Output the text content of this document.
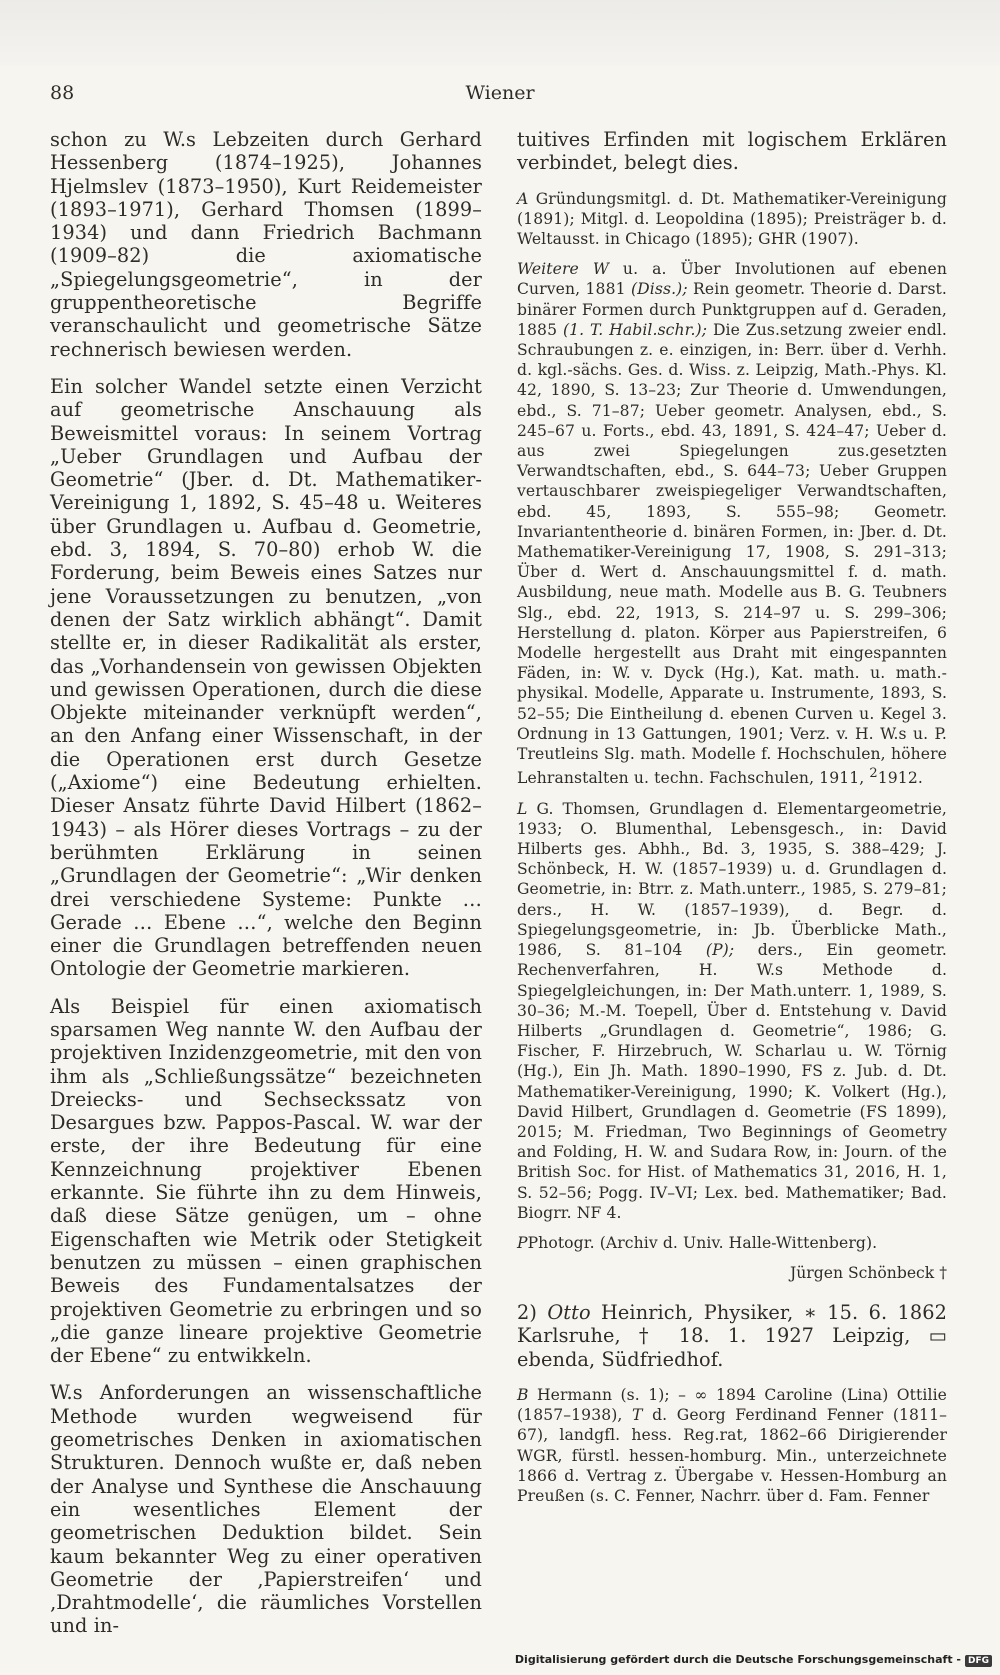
88	Wiener

schon zu W.s Lebzeiten durch Gerhard Hessenberg (1874–1925), Johannes Hjelmslev (1873–1950), Kurt Reidemeister (1893–1971), Gerhard Thomsen (1899–1934) und dann Friedrich Bachmann (1909–82) die axiomatische „Spiegelungsgeometrie“, in der gruppentheoretische Begriffe veranschaulicht und geometrische Sätze rechnerisch bewiesen werden.

Ein solcher Wandel setzte einen Verzicht auf geometrische Anschauung als Beweismittel voraus: In seinem Vortrag „Ueber Grundlagen und Aufbau der Geometrie“ (Jber. d. Dt. Mathematiker-Vereinigung 1, 1892, S. 45–48 u. Weiteres über Grundlagen u. Aufbau d. Geometrie, ebd. 3, 1894, S. 70–80) erhob W. die Forderung, beim Beweis eines Satzes nur jene Voraussetzungen zu benutzen, „von denen der Satz wirklich abhängt“. Damit stellte er, in dieser Radikalität als erster, das „Vorhandensein von gewissen Objekten und gewissen Operationen, durch die diese Objekte miteinander verknüpft werden“, an den Anfang einer Wissenschaft, in der die Operationen erst durch Gesetze („Axiome“) eine Bedeutung erhielten. Dieser Ansatz führte David Hilbert (1862–1943) – als Hörer dieses Vortrags – zu der berühmten Erklärung in seinen „Grundlagen der Geometrie“: „Wir denken drei verschiedene Systeme: Punkte … Gerade … Ebene …“, welche den Beginn einer die Grundlagen betreffenden neuen Ontologie der Geometrie markieren.

Als Beispiel für einen axiomatisch sparsamen Weg nannte W. den Aufbau der projektiven Inzidenzgeometrie, mit den von ihm als „Schließungssätze“ bezeichneten Dreiecks- und Sechseckssatz von Desargues bzw. Pappos-Pascal. W. war der erste, der ihre Bedeutung für eine Kennzeichnung projektiver Ebenen erkannte. Sie führte ihn zu dem Hinweis, daß diese Sätze genügen, um – ohne Eigenschaften wie Metrik oder Stetigkeit benutzen zu müssen – einen graphischen Beweis des Fundamentalsatzes der projektiven Geometrie zu erbringen und so „die ganze lineare projektive Geometrie der Ebene“ zu entwikkeln.

W.s Anforderungen an wissenschaftliche Methode wurden wegweisend für geometrisches Denken in axiomatischen Strukturen. Dennoch wußte er, daß neben der Analyse und Synthese die Anschauung ein wesentliches Element der geometrischen Deduktion bildet. Sein kaum bekannter Weg zu einer operativen Geometrie der ‚Papierstreifen‘ und ‚Drahtmodelle‘, die räumliches Vorstellen und in-

tuitives Erfinden mit logischem Erklären verbindet, belegt dies.

A Gründungsmitgl. d. Dt. Mathematiker-Vereinigung (1891); Mitgl. d. Leopoldina (1895); Preisträger b. d. Weltausst. in Chicago (1895); GHR (1907).

Weitere W u. a. Über Involutionen auf ebenen Curven, 1881 (Diss.); Rein geometr. Theorie d. Darst. binärer Formen durch Punktgruppen auf d. Geraden, 1885 (1. T. Habil.schr.); Die Zus.setzung zweier endl. Schraubungen z. e. einzigen, in: Berr. über d. Verhh. d. kgl.-sächs. Ges. d. Wiss. z. Leipzig, Math.-Phys. Kl. 42, 1890, S. 13–23; Zur Theorie d. Umwendungen, ebd., S. 71–87; Ueber geometr. Analysen, ebd., S. 245–67 u. Forts., ebd. 43, 1891, S. 424–47; Ueber d. aus zwei Spiegelungen zus.gesetzten Verwandtschaften, ebd., S. 644–73; Ueber Gruppen vertauschbarer zweispiegeliger Verwandtschaften, ebd. 45, 1893, S. 555–98; Geometr. Invariantentheorie d. binären Formen, in: Jber. d. Dt. Mathematiker-Vereinigung 17, 1908, S. 291–313; Über d. Wert d. Anschauungsmittel f. d. math. Ausbildung, neue math. Modelle aus B. G. Teubners Slg., ebd. 22, 1913, S. 214–97 u. S. 299–306; Herstellung d. platon. Körper aus Papierstreifen, 6 Modelle hergestellt aus Draht mit eingespannten Fäden, in: W. v. Dyck (Hg.), Kat. math. u. math.-physikal. Modelle, Apparate u. Instrumente, 1893, S. 52–55; Die Eintheilung d. ebenen Curven u. Kegel 3. Ordnung in 13 Gattungen, 1901; Verz. v. H. W.s u. P. Treutleins Slg. math. Modelle f. Hochschulen, höhere Lehranstalten u. techn. Fachschulen, 1911, $^2$1912.

L G. Thomsen, Grundlagen d. Elementargeometrie, 1933; O. Blumenthal, Lebensgesch., in: David Hilberts ges. Abhh., Bd. 3, 1935, S. 388–429; J. Schönbeck, H. W. (1857–1939) u. d. Grundlagen d. Geometrie, in: Btrr. z. Math.unterr., 1985, S. 279–81; ders., H. W. (1857–1939), d. Begr. d. Spiegelungsgeometrie, in: Jb. Überblicke Math., 1986, S. 81–104 (P); ders., Ein geometr. Rechenverfahren, H. W.s Methode d. Spiegelgleichungen, in: Der Math.unterr. 1, 1989, S. 30–36; M.-M. Toepell, Über d. Entstehung v. David Hilberts „Grundlagen d. Geometrie“, 1986; G. Fischer, F. Hirzebruch, W. Scharlau u. W. Törnig (Hg.), Ein Jh. Math. 1890–1990, FS z. Jub. d. Dt. Mathematiker-Vereinigung, 1990; K. Volkert (Hg.), David Hilbert, Grundlagen d. Geometrie (FS 1899), 2015; M. Friedman, Two Beginnings of Geometry and Folding, H. W. and Sudara Row, in: Journ. of the British Soc. for Hist. of Mathematics 31, 2016, H. 1, S. 52–56; Pogg. IV–VI; Lex. bed. Mathematiker; Bad. Biogrr. NF 4.

PPhotogr. (Archiv d. Univ. Halle-Wittenberg).

Jürgen Schönbeck †

2) Otto Heinrich, Physiker, ∗ 15. 6. 1862 Karlsruhe, † 18. 1. 1927 Leipzig, ▭ ebenda, Südfriedhof.

B Hermann (s. 1); – ∞ 1894 Caroline (Lina) Ottilie (1857–1938), T d. Georg Ferdinand Fenner (1811–67), landgfl. hess. Reg.rat, 1862–66 Dirigierender WGR, fürstl. hessen-homburg. Min., unterzeichnete 1866 d. Vertrag z. Übergabe v. Hessen-Homburg an Preußen (s. C. Fenner, Nachrr. über d. Fam. Fenner

Digitalisierung gefördert durch die Deutsche Forschungsgemeinschaft - DFG
